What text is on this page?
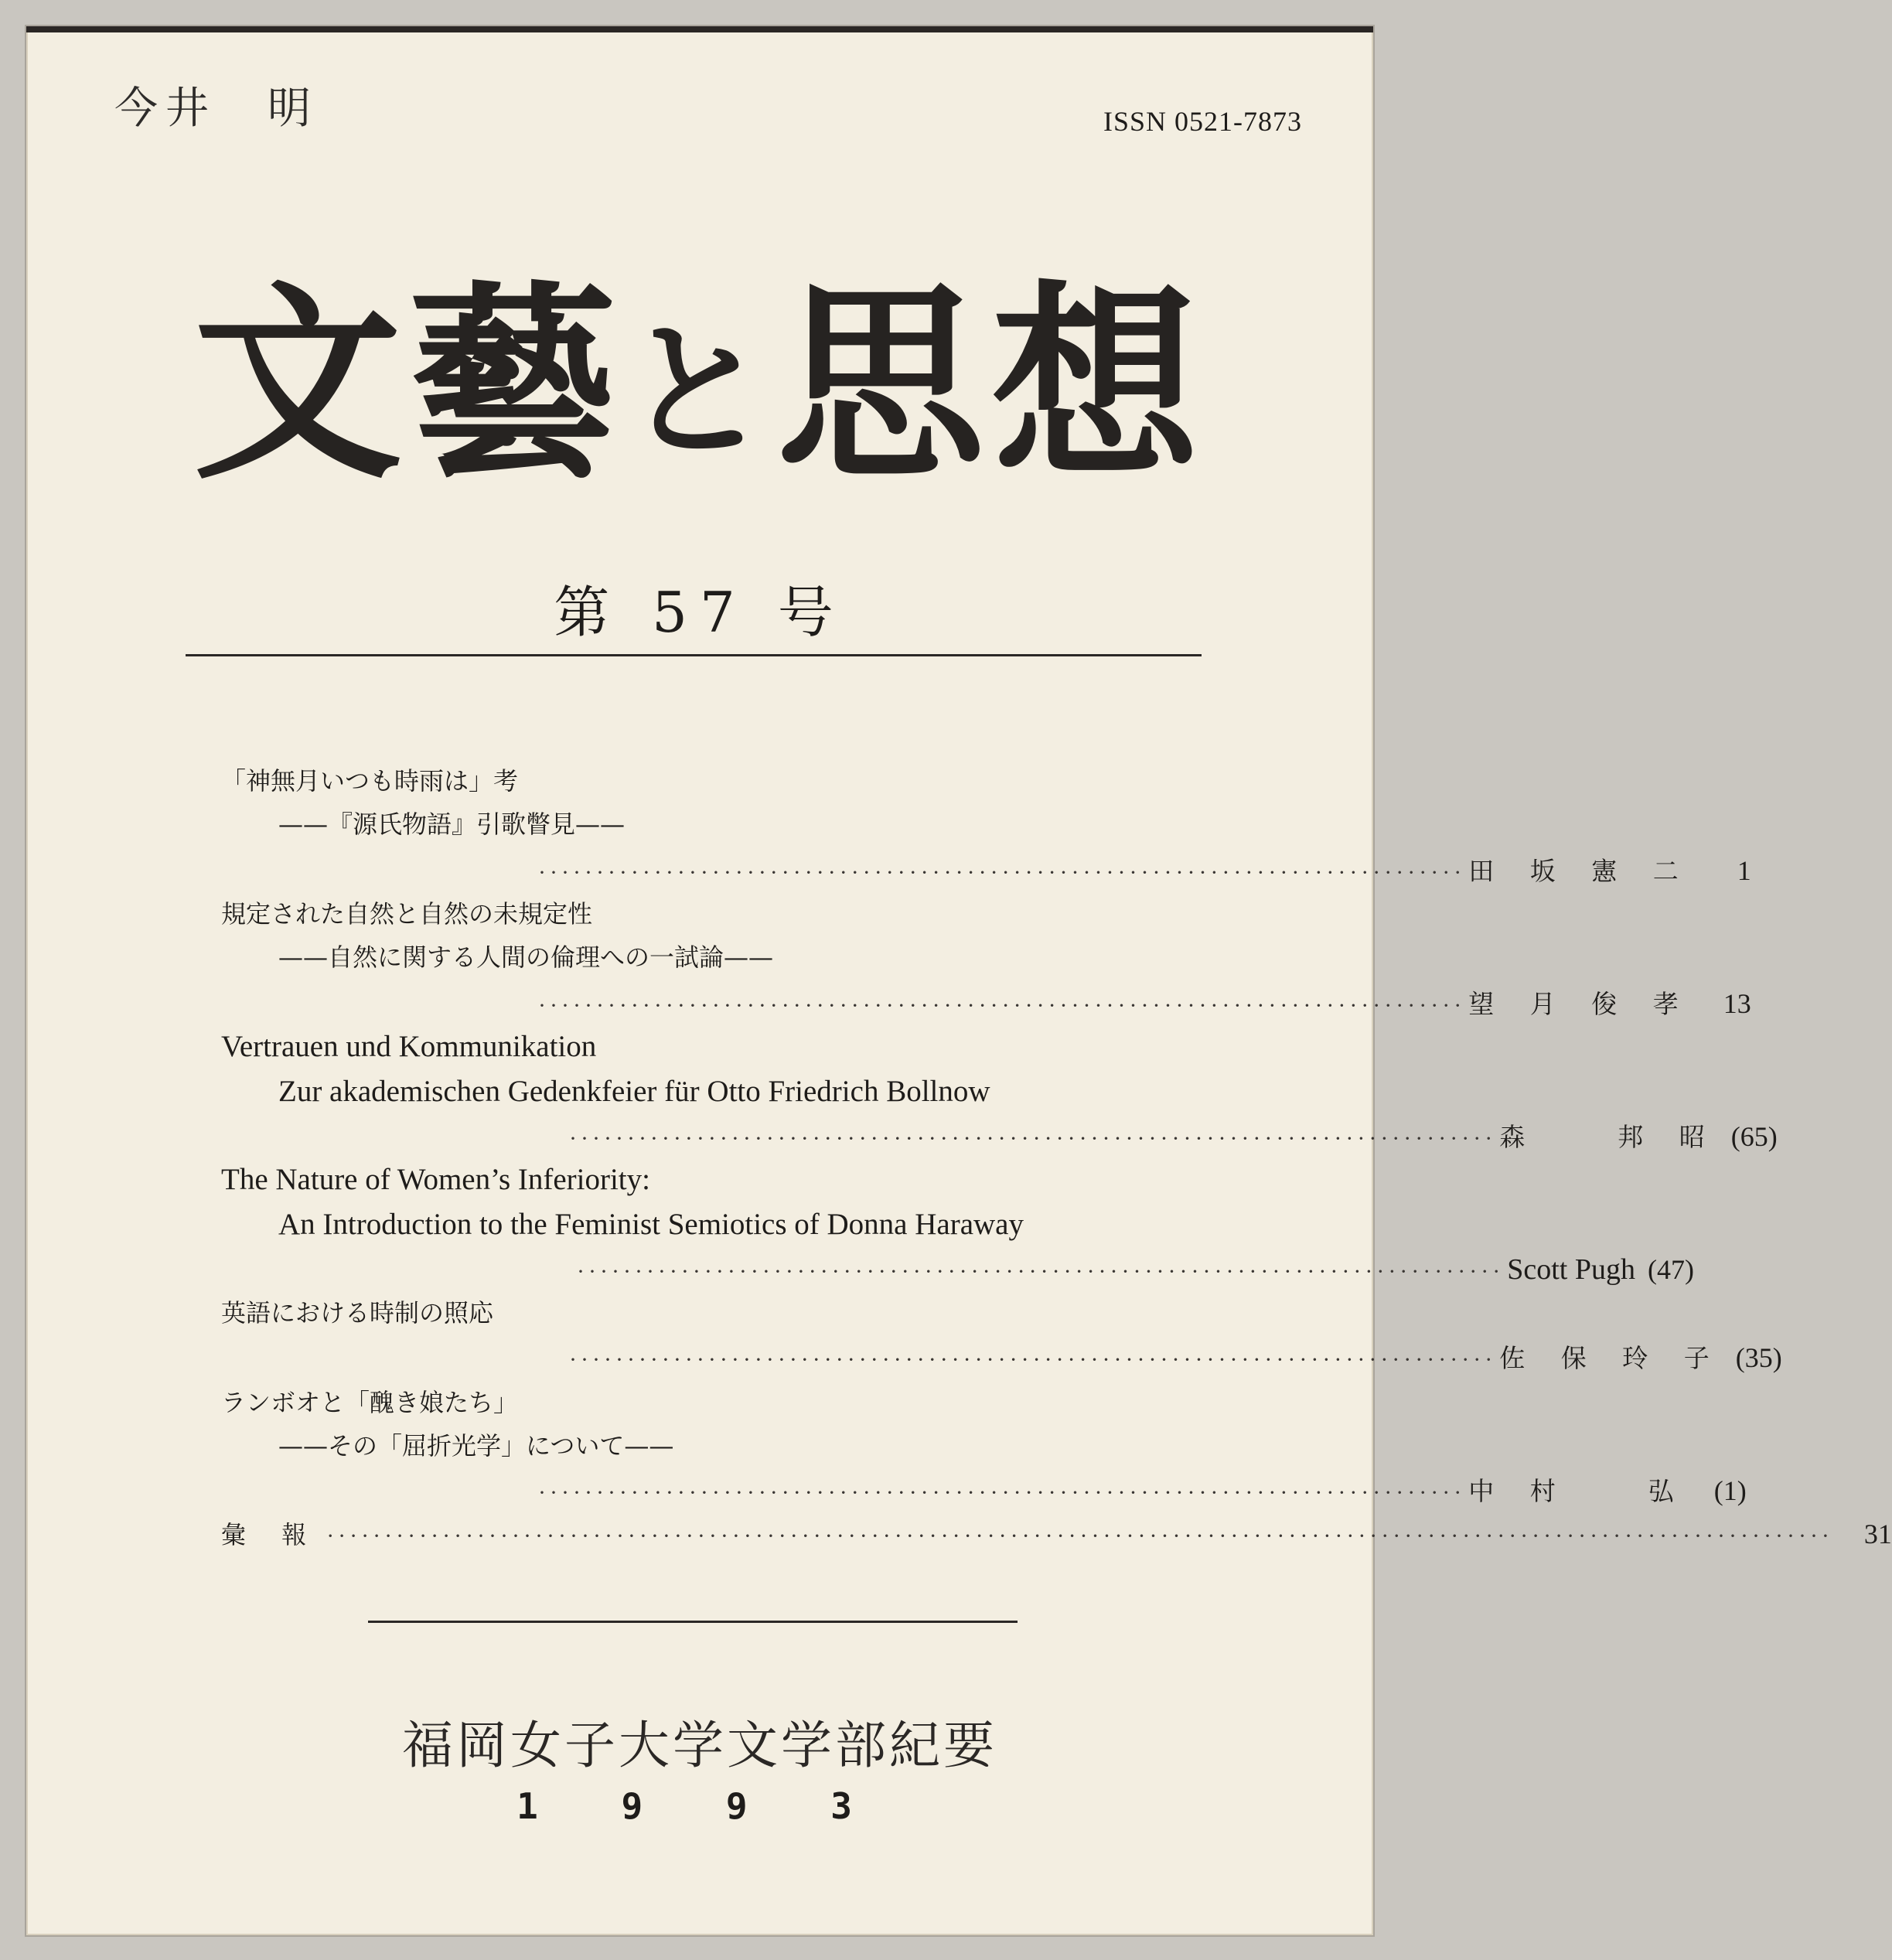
今井　明	ISSN 0521-7873
文藝と思想
第 57 号
「神無月いつも時雨は」考
——『源氏物語』引歌瞥見——
················································································ 田 坂 憲 二	1
規定された自然と自然の未規定性
——自然に関する人間の倫理への一試論——
················································································ 望 月 俊 孝	13
Vertrauen und Kommunikation
Zur akademischen Gedenkfeier für Otto Friedrich Bollnow
················································································ 森　　邦 昭 (65)
The Nature of Women’s Inferiority:
An Introduction to the Feminist Semiotics of Donna Haraway
················································································ Scott Pugh (47)
英語における時制の照応
················································································ 佐 保 玲 子 (35)
ランボオと「醜き娘たち」
——その「屈折光学」について——
················································································ 中 村　　弘 (1)
彙 報 ··································································································································	31
福岡女子大学文学部紀要
1 9 9 3
